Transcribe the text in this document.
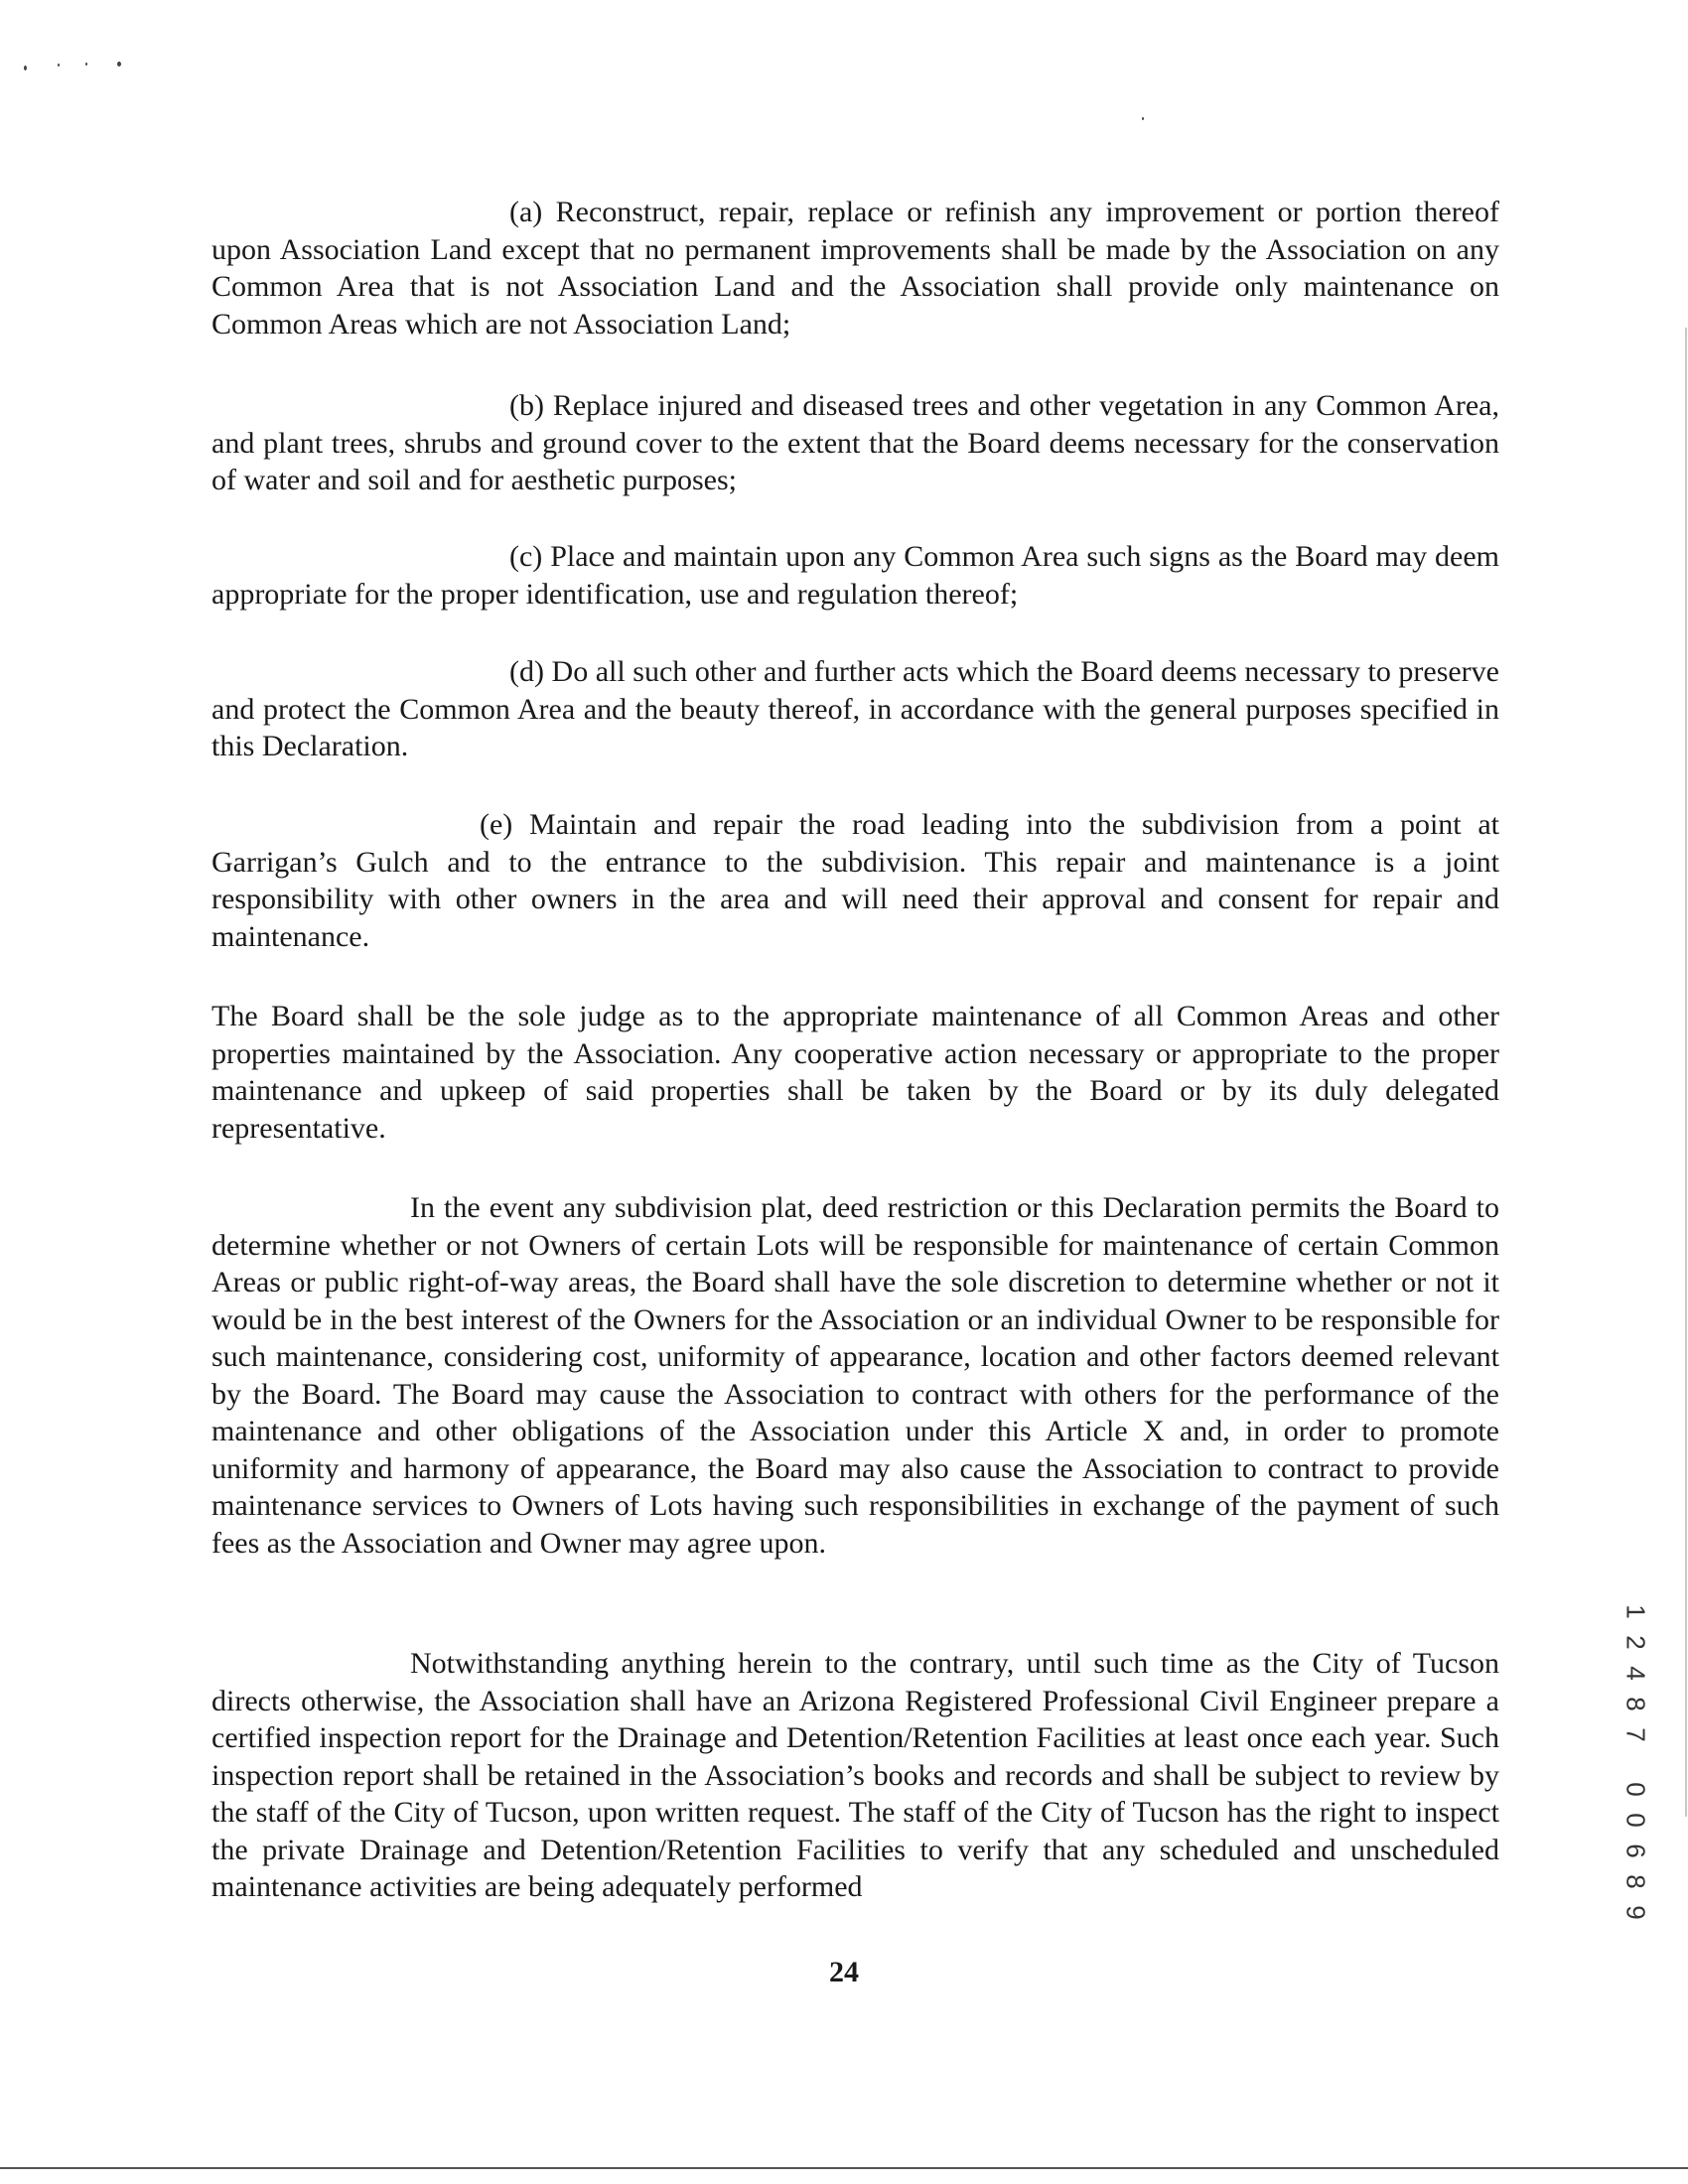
(a) Reconstruct, repair, replace or refinish any improvement or portion thereof upon Association Land except that no permanent improvements shall be made by the Association on any Common Area that is not Association Land and the Association shall provide only maintenance on Common Areas which are not Association Land;

(b) Replace injured and diseased trees and other vegetation in any Common Area, and plant trees, shrubs and ground cover to the extent that the Board deems necessary for the conservation of water and soil and for aesthetic purposes;

(c) Place and maintain upon any Common Area such signs as the Board may deem appropriate for the proper identification, use and regulation thereof;

(d) Do all such other and further acts which the Board deems necessary to preserve and protect the Common Area and the beauty thereof, in accordance with the general purposes specified in this Declaration.

(e) Maintain and repair the road leading into the subdivision from a point at Garrigan’s Gulch and to the entrance to the subdivision. This repair and maintenance is a joint responsibility with other owners in the area and will need their approval and consent for repair and maintenance.

The Board shall be the sole judge as to the appropriate maintenance of all Common Areas and other properties maintained by the Association. Any cooperative action necessary or appropriate to the proper maintenance and upkeep of said properties shall be taken by the Board or by its duly delegated representative.

In the event any subdivision plat, deed restriction or this Declaration permits the Board to determine whether or not Owners of certain Lots will be responsible for maintenance of certain Common Areas or public right-of-way areas, the Board shall have the sole discretion to determine whether or not it would be in the best interest of the Owners for the Association or an individual Owner to be responsible for such maintenance, considering cost, uniformity of appearance, location and other factors deemed relevant by the Board. The Board may cause the Association to contract with others for the performance of the maintenance and other obligations of the Association under this Article X and, in order to promote uniformity and harmony of appearance, the Board may also cause the Association to contract to provide maintenance services to Owners of Lots having such responsibilities in exchange of the payment of such fees as the Association and Owner may agree upon.

Notwithstanding anything herein to the contrary, until such time as the City of Tucson directs otherwise, the Association shall have an Arizona Registered Professional Civil Engineer prepare a certified inspection report for the Drainage and Detention/Retention Facilities at least once each year. Such inspection report shall be retained in the Association’s books and records and shall be subject to review by the staff of the City of Tucson, upon written request. The staff of the City of Tucson has the right to inspect the private Drainage and Detention/Retention Facilities to verify that any scheduled and unscheduled maintenance activities are being adequately performed

24

1
2
4
8
7
0
0
6
8
9
